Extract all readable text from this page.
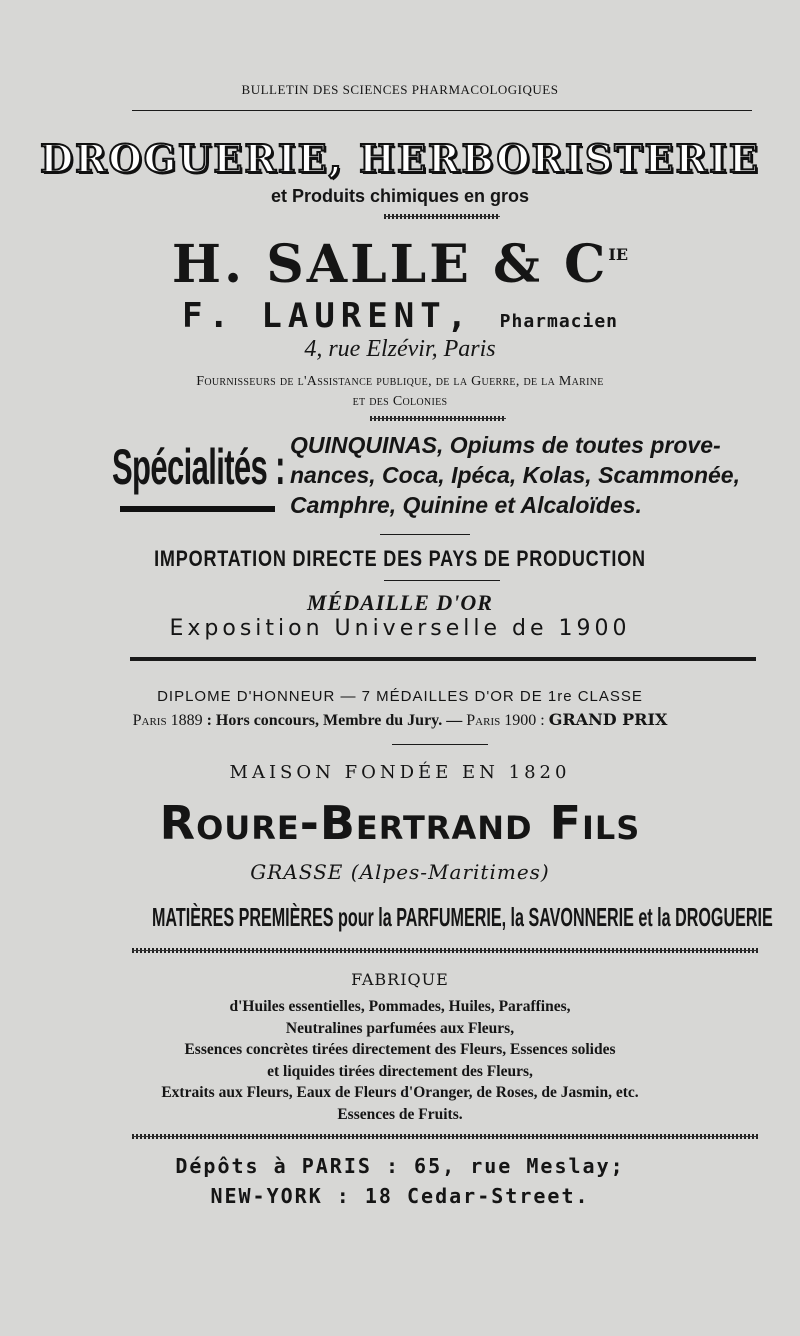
BULLETIN DES SCIENCES PHARMACOLOGIQUES
DROGUERIE, HERBORISTERIE
et Produits chimiques en gros
H. SALLE & $C^{IE}$
F. LAURENT, Pharmacien
4, rue Elzévir, Paris
Fournisseurs de l'Assistance publique, de la Guerre, de la Marine
et des Colonies
Spécialités : QUINQUINAS, Opiums de toutes prove-
nances, Coca, Ipéca, Kolas, Scammonée,
Camphre, Quinine et Alcaloïdes.
IMPORTATION DIRECTE DES PAYS DE PRODUCTION
MÉDAILLE D'OR
Exposition Universelle de 1900
DIPLOME D'HONNEUR — 7 MÉDAILLES D'OR DE 1re CLASSE
Paris 1889 : Hors concours, Membre du Jury. — Paris 1900 : GRAND PRIX
MAISON FONDÉE EN 1820
Roure-Bertrand Fils
GRASSE (Alpes-Maritimes)
MATIÈRES PREMIÈRES pour la PARFUMERIE, la SAVONNERIE et la DROGUERIE
FABRIQUE
d'Huiles essentielles, Pommades, Huiles, Paraffines,
Neutralines parfumées aux Fleurs,
Essences concrètes tirées directement des Fleurs, Essences solides
et liquides tirées directement des Fleurs,
Extraits aux Fleurs, Eaux de Fleurs d'Oranger, de Roses, de Jasmin, etc.
Essences de Fruits.
Dépôts à PARIS : 65, rue Meslay;
NEW-YORK : 18 Cedar-Street.
